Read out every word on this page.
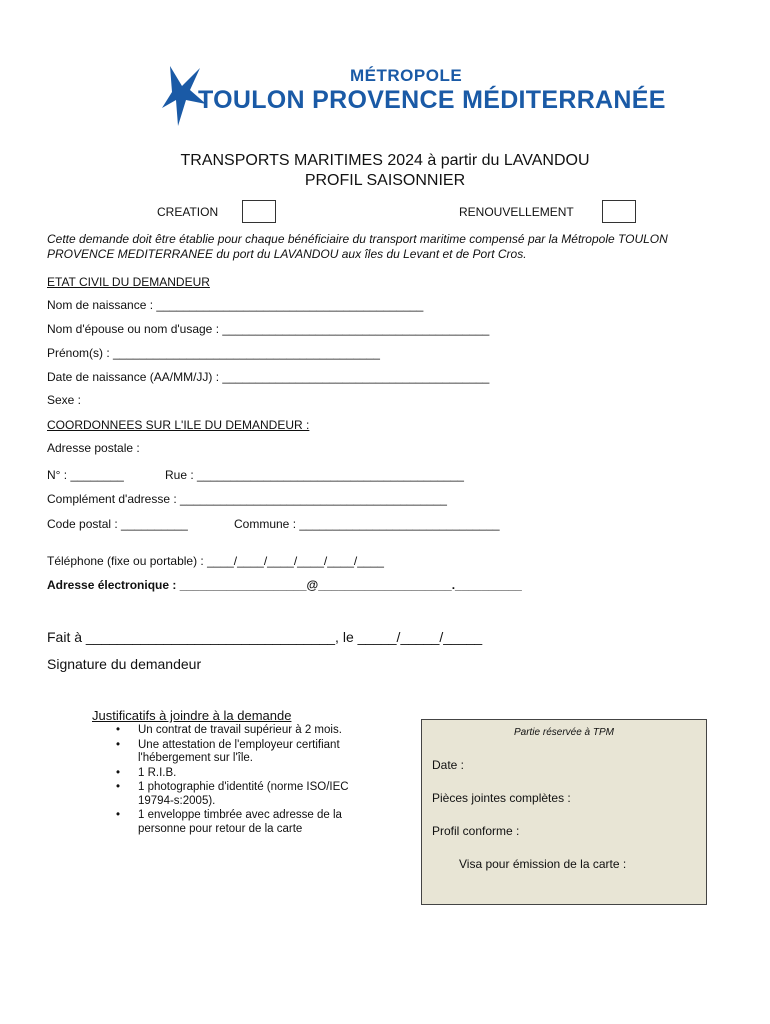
MÉTROPOLE
TOULON PROVENCE MÉDITERRANÉE
TRANSPORTS MARITIMES 2024 à partir du LAVANDOU
PROFIL SAISONNIER
CREATION	RENOUVELLEMENT
Cette demande doit être établie pour chaque bénéficiaire du transport maritime compensé par la Métropole TOULON PROVENCE MEDITERRANEE du port du LAVANDOU aux îles du Levant et de Port Cros.
ETAT CIVIL DU DEMANDEUR
Nom de naissance : ________________________________________
Nom d'épouse ou nom d'usage : ________________________________________
Prénom(s) : ________________________________________
Date de naissance (AA/MM/JJ) : ________________________________________
Sexe :
COORDONNEES SUR L'ILE DU DEMANDEUR :
Adresse postale :
N° : ________	Rue : ________________________________________
Complément d'adresse : ________________________________________
Code postal : __________	Commune : ______________________________
Téléphone (fixe ou portable) : ____/____/____/____/____/____
Adresse électronique : ___________________@____________________.__________
Fait à ________________________________, le _____/_____/_____
Signature du demandeur
Justificatifs à joindre à la demande
• Un contrat de travail supérieur à 2 mois.
• Une attestation de l'employeur certifiant l'hébergement sur l'île.
• 1 R.I.B.
• 1 photographie d'identité (norme ISO/IEC 19794-s:2005).
• 1 enveloppe timbrée avec adresse de la personne pour retour de la carte
Partie réservée à TPM
Date :
Pièces jointes complètes :
Profil conforme :
Visa pour émission de la carte :
